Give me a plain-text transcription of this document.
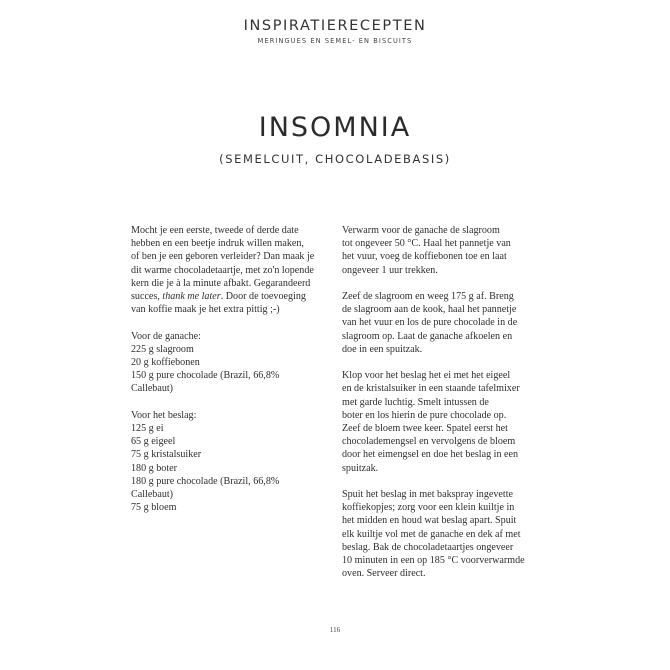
INSPIRATIERECEPTEN
MERINGUES EN SEMEL- EN BISCUITS
INSOMNIA
(SEMELCUIT, CHOCOLADEBASIS)

Mocht je een eerste, tweede of derde date
hebben en een beetje indruk willen maken,
of ben je een geboren verleider? Dan maak je
dit warme chocoladetaartje, met zo'n lopende
kern die je à la minute afbakt. Gegarandeerd
succes, thank me later. Door de toevoeging
van koffie maak je het extra pittig ;-)

Voor de ganache:
225 g slagroom
20 g koffiebonen
150 g pure chocolade (Brazil, 66,8%
Callebaut)

Voor het beslag:
125 g ei
65 g eigeel
75 g kristalsuiker
180 g boter
180 g pure chocolade (Brazil, 66,8%
Callebaut)
75 g bloem

Verwarm voor de ganache de slagroom
tot ongeveer 50 °C. Haal het pannetje van
het vuur, voeg de koffiebonen toe en laat
ongeveer 1 uur trekken.

Zeef de slagroom en weeg 175 g af. Breng
de slagroom aan de kook, haal het pannetje
van het vuur en los de pure chocolade in de
slagroom op. Laat de ganache afkoelen en
doe in een spuitzak.

Klop voor het beslag het ei met het eigeel
en de kristalsuiker in een staande tafelmixer
met garde luchtig. Smelt intussen de
boter en los hierin de pure chocolade op.
Zeef de bloem twee keer. Spatel eerst het
chocolademengsel en vervolgens de bloem
door het eimengsel en doe het beslag in een
spuitzak.

Spuit het beslag in met bakspray ingevette
koffiekopjes; zorg voor een klein kuiltje in
het midden en houd wat beslag apart. Spuit
elk kuiltje vol met de ganache en dek af met
beslag. Bak de chocoladetaartjes ongeveer
10 minuten in een op 185 °C voorverwarmde
oven. Serveer direct.

116
